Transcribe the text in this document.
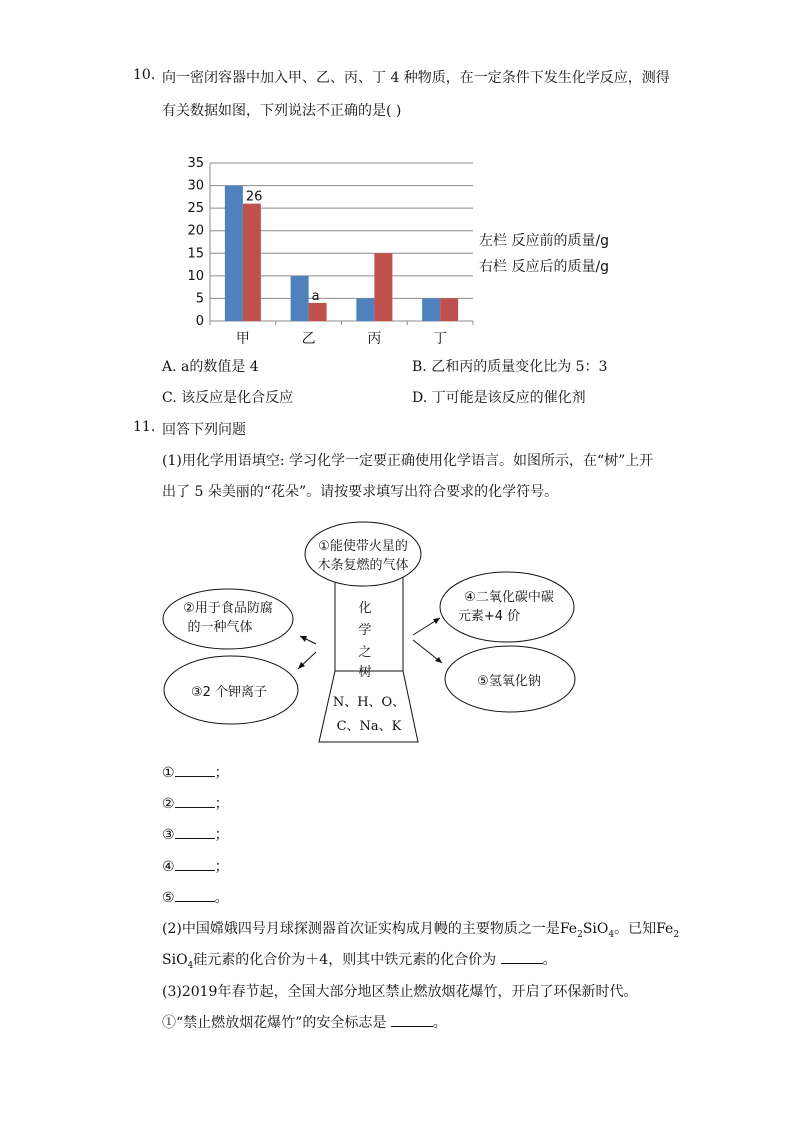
10. 向一密闭容器中加入甲、乙、丙、丁 4 种物质，在一定条件下发生化学反应，测得
有关数据如图，下列说法不正确的是( )
0
5
10
15
20
25
30
35
甲	乙	丙	丁
26
a
左栏 反应前的质量/g
右栏 反应后的质量/g
A. a的数值是 4	B. 乙和丙的质量变化比为 5：3
C. 该反应是化合反应	D. 丁可能是该反应的催化剂
11. 回答下列问题
(1)用化学用语填空: 学习化学一定要正确使用化学语言。如图所示，在“树”上开
出了 5 朵美丽的“花朵”。请按要求填写出符合要求的化学符号。
①能使带火星的
木条复燃的气体
②用于食品防腐
的一种气体
③2 个钾离子
④二氧化碳中碳
元素+4 价
⑤氢氧化钠
化
学
之
树
N、H、O、
C、Na、K
①	；
②	；
③	；
④	；
⑤	。
(2)中国嫦娥四号月球探测器首次证实构成月幔的主要物质之一是$Fe_2SiO_4$。已知$Fe_2$
SiO$_4$硅元素的化合价为＋4，则其中铁元素的化合价为	。
(3)2019年春节起，全国大部分地区禁止燃放烟花爆竹，开启了环保新时代。
①“禁止燃放烟花爆竹”的安全标志是	。
